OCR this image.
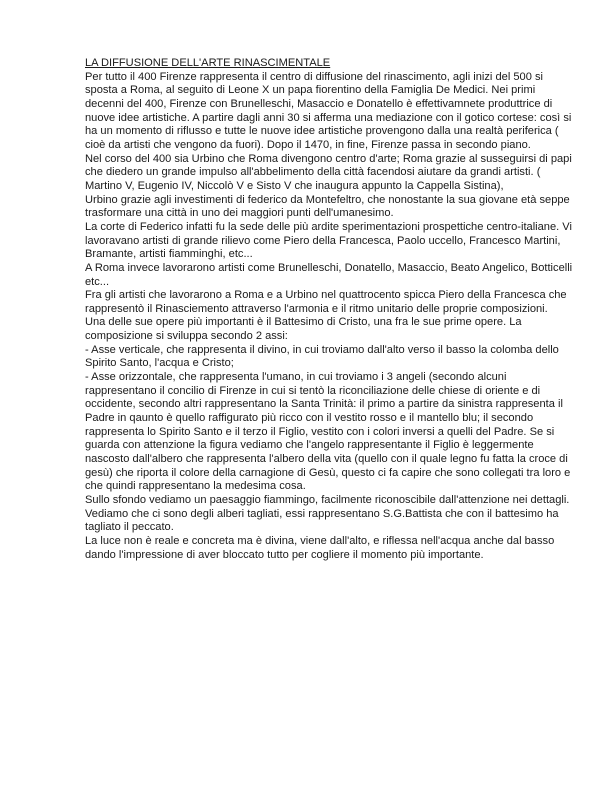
LA DIFFUSIONE DELL'ARTE RINASCIMENTALE

Per tutto il 400 Firenze rappresenta il centro di diffusione del rinascimento, agli inizi del 500 si sposta a Roma, al seguito di Leone X un papa fiorentino della Famiglia De Medici. Nei primi decenni del 400, Firenze con Brunelleschi, Masaccio e Donatello è effettivamnete produttrice di nuove idee artistiche. A partire dagli anni 30 si afferma una mediazione con il gotico cortese: così si ha un momento di riflusso e tutte le nuove idee artistiche provengono dalla una realtà periferica ( cioè da artisti che vengono da fuori). Dopo il 1470, in fine, Firenze passa in secondo piano.

Nel corso del 400 sia Urbino che Roma divengono centro d'arte; Roma grazie al susseguirsi di papi che diedero un grande impulso all'abbelimento della città facendosi aiutare da grandi artisti. ( Martino V, Eugenio IV, Niccolò V e Sisto V che inaugura appunto la Cappella Sistina),

Urbino grazie agli investimenti di federico da Montefeltro, che nonostante la sua giovane età seppe trasformare una città in uno dei maggiori punti dell'umanesimo.

La corte di Federico infatti fu la sede delle più ardite sperimentazioni prospettiche centro-italiane. Vi lavoravano artisti di grande rilievo come Piero della Francesca, Paolo uccello, Francesco Martini, Bramante, artisti fiamminghi, etc...

A Roma invece lavorarono artisti come Brunelleschi, Donatello, Masaccio, Beato Angelico, Botticelli etc...

Fra gli artisti che lavorarono a Roma e a Urbino nel quattrocento spicca Piero della Francesca che rappresentò il Rinasciemento attraverso l'armonia e il ritmo unitario delle proprie composizioni.

Una delle sue opere più importanti è il Battesimo di Cristo, una fra le sue prime opere. La composizione si sviluppa secondo 2 assi:

- Asse verticale, che rappresenta il divino, in cui troviamo dall'alto verso il basso la colomba dello Spirito Santo, l'acqua e Cristo;

- Asse orizzontale, che rappresenta l'umano, in cui troviamo i 3 angeli (secondo alcuni rappresentano il concilio di Firenze in cui si tentò la riconciliazione delle chiese di oriente e di occidente, secondo altri rappresentano la Santa Trinità: il primo a partire da sinistra rappresenta il Padre in qaunto è quello raffigurato più ricco con il vestito rosso e il mantello blu; il secondo rappresenta lo Spirito Santo e il terzo il Figlio, vestito con i colori inversi a quelli del Padre. Se si guarda con attenzione la figura vediamo che l'angelo rappresentante il Figlio è leggermente nascosto dall'albero che rappresenta l'albero della vita (quello con il quale legno fu fatta la croce di gesù) che riporta il colore della carnagione di Gesù, questo ci fa capire che sono collegati tra loro e che quindi rappresentano la medesima cosa.

Sullo sfondo vediamo un paesaggio fiammingo, facilmente riconoscibile dall'attenzione nei dettagli. Vediamo che ci sono degli alberi tagliati, essi rappresentano S.G.Battista che con il battesimo ha tagliato il peccato.

La luce non è reale e concreta ma è divina, viene dall'alto, e riflessa nell'acqua anche dal basso dando l'impressione di aver bloccato tutto per cogliere il momento più importante.
